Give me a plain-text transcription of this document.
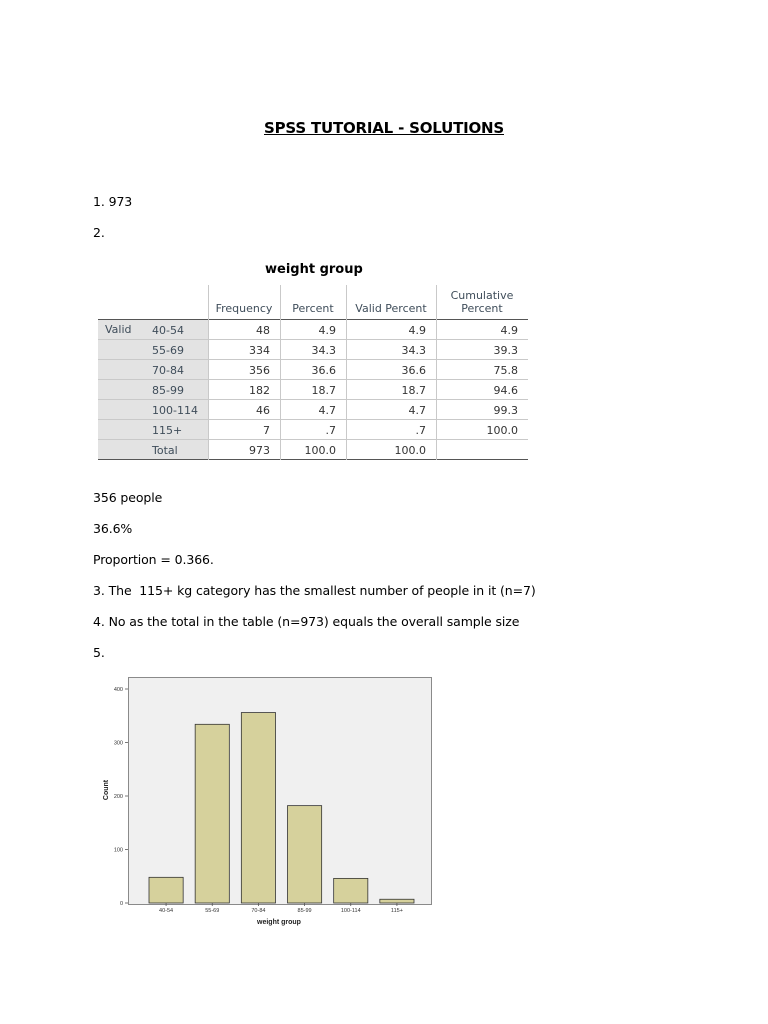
SPSS TUTORIAL - SOLUTIONS
1. 973
2.
weight group
Frequency	Percent	Valid Percent
Cumulative
Percent
Valid 40-54	48	4.9	4.9	4.9
55-69	334	34.3	34.3	39.3
70-84	356	36.6	36.6	75.8
85-99	182	18.7	18.7	94.6
100-114	46	4.7	4.7	99.3
115+	7	.7	.7	100.0
Total	973	100.0	100.0
356 people
36.6%
Proportion = 0.366.
3. The  115+ kg category has the smallest number of people in it (n=7)
4. No as the total in the table (n=973) equals the overall sample size
5.
0
100
200
300
400
40-54	55-69	70-84	85-99	100-114	115+
weight group
Count
